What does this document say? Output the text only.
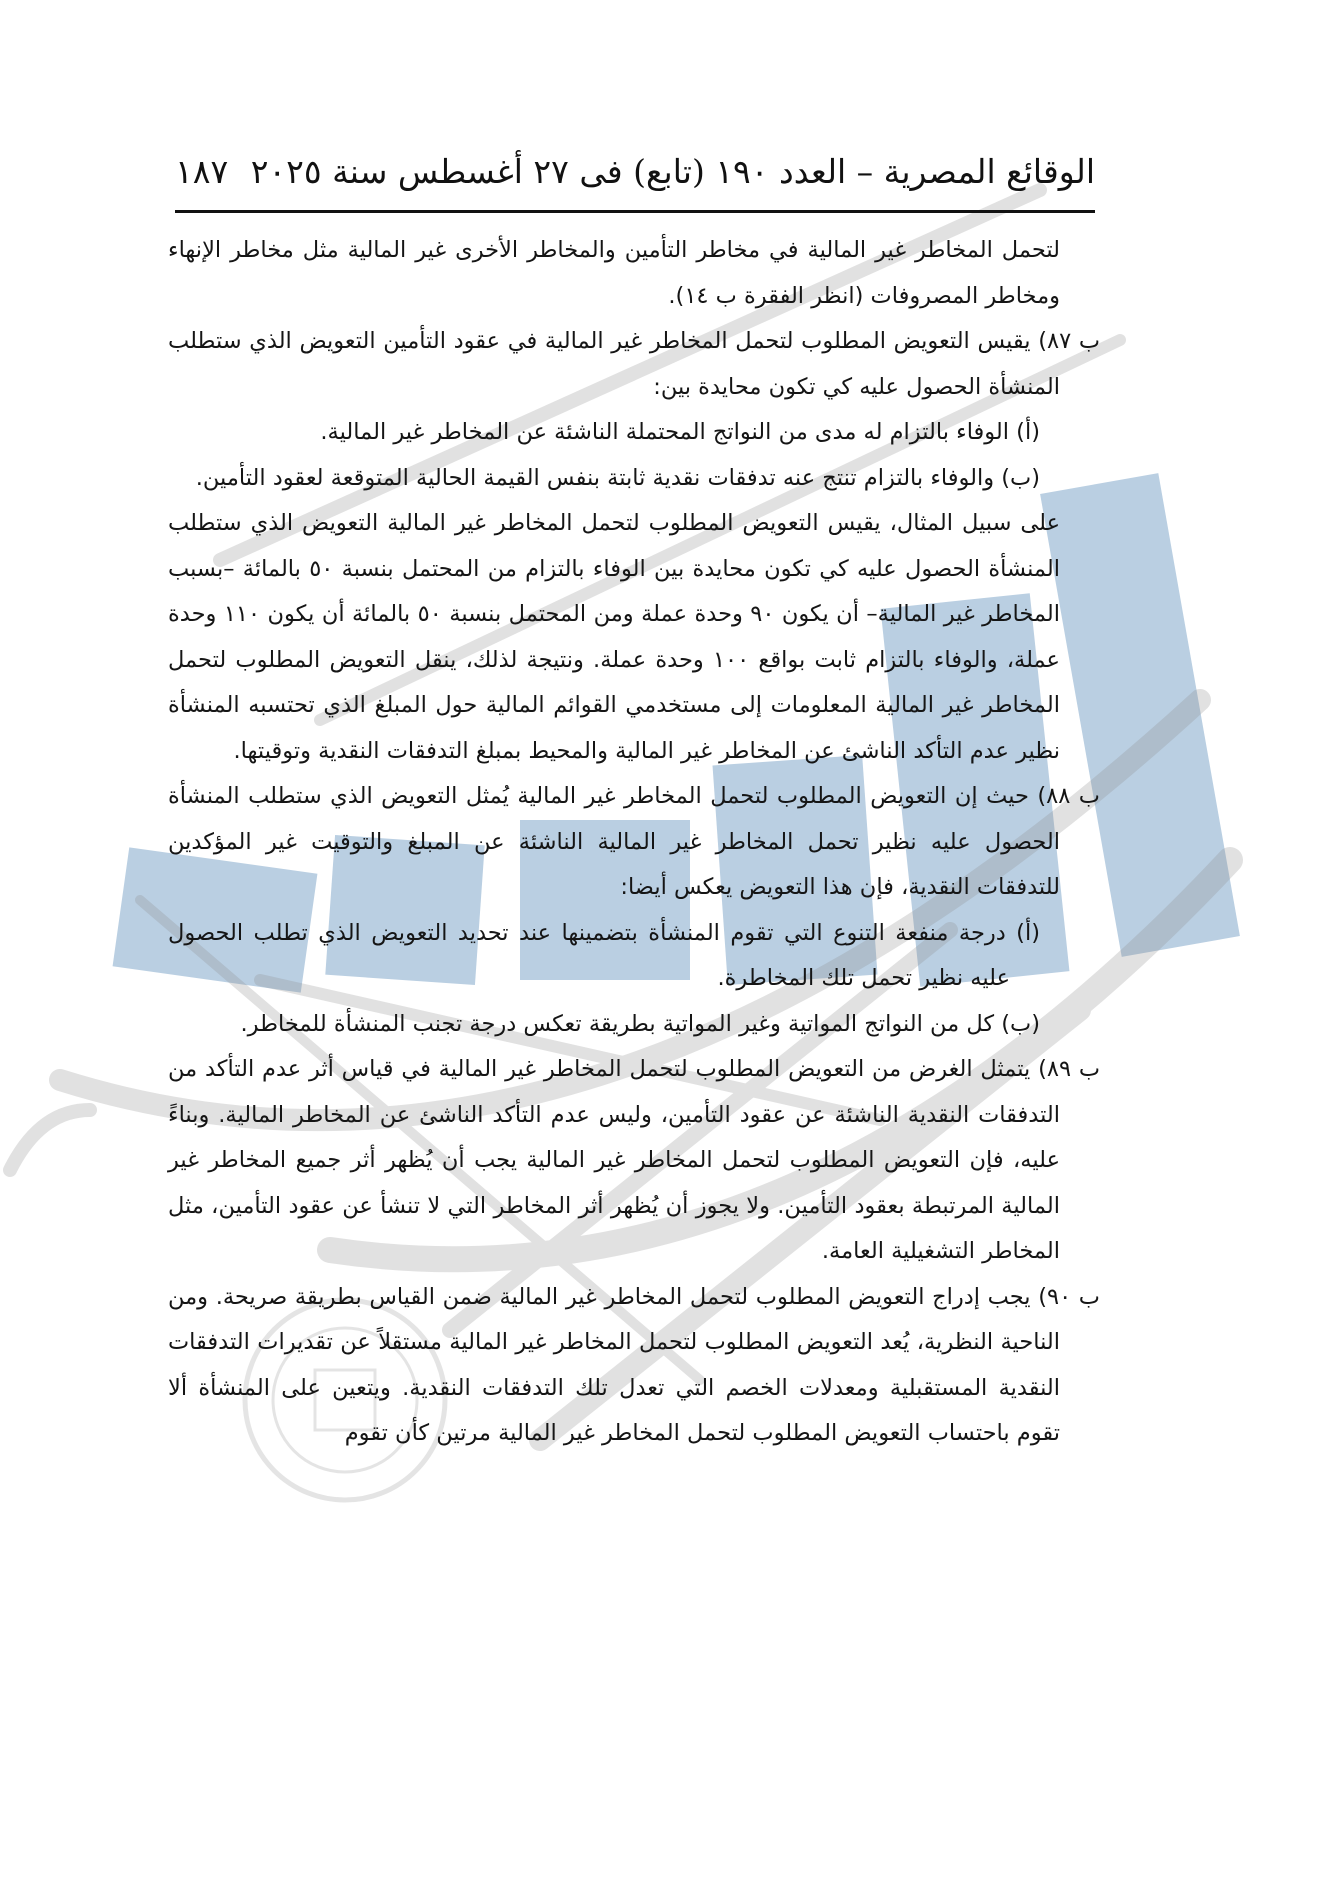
الوقائع المصرية – العدد ١٩٠ (تابع) فى ٢٧ أغسطس سنة ٢٠٢٥
١٨٧

لتحمل المخاطر غير المالية في مخاطر التأمين والمخاطر الأخرى غير المالية مثل مخاطر الإنهاء ومخاطر المصروفات (انظر الفقرة ب ١٤).

ب ٨٧) يقيس التعويض المطلوب لتحمل المخاطر غير المالية في عقود التأمين التعويض الذي ستطلب المنشأة الحصول عليه كي تكون محايدة بين:

(أ) الوفاء بالتزام له مدى من النواتج المحتملة الناشئة عن المخاطر غير المالية.

(ب) والوفاء بالتزام تنتج عنه تدفقات نقدية ثابتة بنفس القيمة الحالية المتوقعة لعقود التأمين.

على سبيل المثال، يقيس التعويض المطلوب لتحمل المخاطر غير المالية التعويض الذي ستطلب المنشأة الحصول عليه كي تكون محايدة بين الوفاء بالتزام من المحتمل بنسبة ٥٠ بالمائة –بسبب المخاطر غير المالية– أن يكون ٩٠ وحدة عملة ومن المحتمل بنسبة ٥٠ بالمائة أن يكون ١١٠ وحدة عملة، والوفاء بالتزام ثابت بواقع ١٠٠ وحدة عملة. ونتيجة لذلك، ينقل التعويض المطلوب لتحمل المخاطر غير المالية المعلومات إلى مستخدمي القوائم المالية حول المبلغ الذي تحتسبه المنشأة نظير عدم التأكد الناشئ عن المخاطر غير المالية والمحيط بمبلغ التدفقات النقدية وتوقيتها.

ب ٨٨) حيث إن التعويض المطلوب لتحمل المخاطر غير المالية يُمثل التعويض الذي ستطلب المنشأة الحصول عليه نظير تحمل المخاطر غير المالية الناشئة عن المبلغ والتوقيت غير المؤكدين للتدفقات النقدية، فإن هذا التعويض يعكس أيضا:

(أ) درجة منفعة التنوع التي تقوم المنشأة بتضمينها عند تحديد التعويض الذي تطلب الحصول عليه نظير تحمل تلك المخاطرة.

(ب) كل من النواتج المواتية وغير المواتية بطريقة تعكس درجة تجنب المنشأة للمخاطر.

ب ٨٩) يتمثل الغرض من التعويض المطلوب لتحمل المخاطر غير المالية في قياس أثر عدم التأكد من التدفقات النقدية الناشئة عن عقود التأمين، وليس عدم التأكد الناشئ عن المخاطر المالية. وبناءً عليه، فإن التعويض المطلوب لتحمل المخاطر غير المالية يجب أن يُظهر أثر جميع المخاطر غير المالية المرتبطة بعقود التأمين. ولا يجوز أن يُظهر أثر المخاطر التي لا تنشأ عن عقود التأمين، مثل المخاطر التشغيلية العامة.

ب ٩٠) يجب إدراج التعويض المطلوب لتحمل المخاطر غير المالية ضمن القياس بطريقة صريحة. ومن الناحية النظرية، يُعد التعويض المطلوب لتحمل المخاطر غير المالية مستقلاً عن تقديرات التدفقات النقدية المستقبلية ومعدلات الخصم التي تعدل تلك التدفقات النقدية. ويتعين على المنشأة ألا تقوم باحتساب التعويض المطلوب لتحمل المخاطر غير المالية مرتين كأن تقوم
